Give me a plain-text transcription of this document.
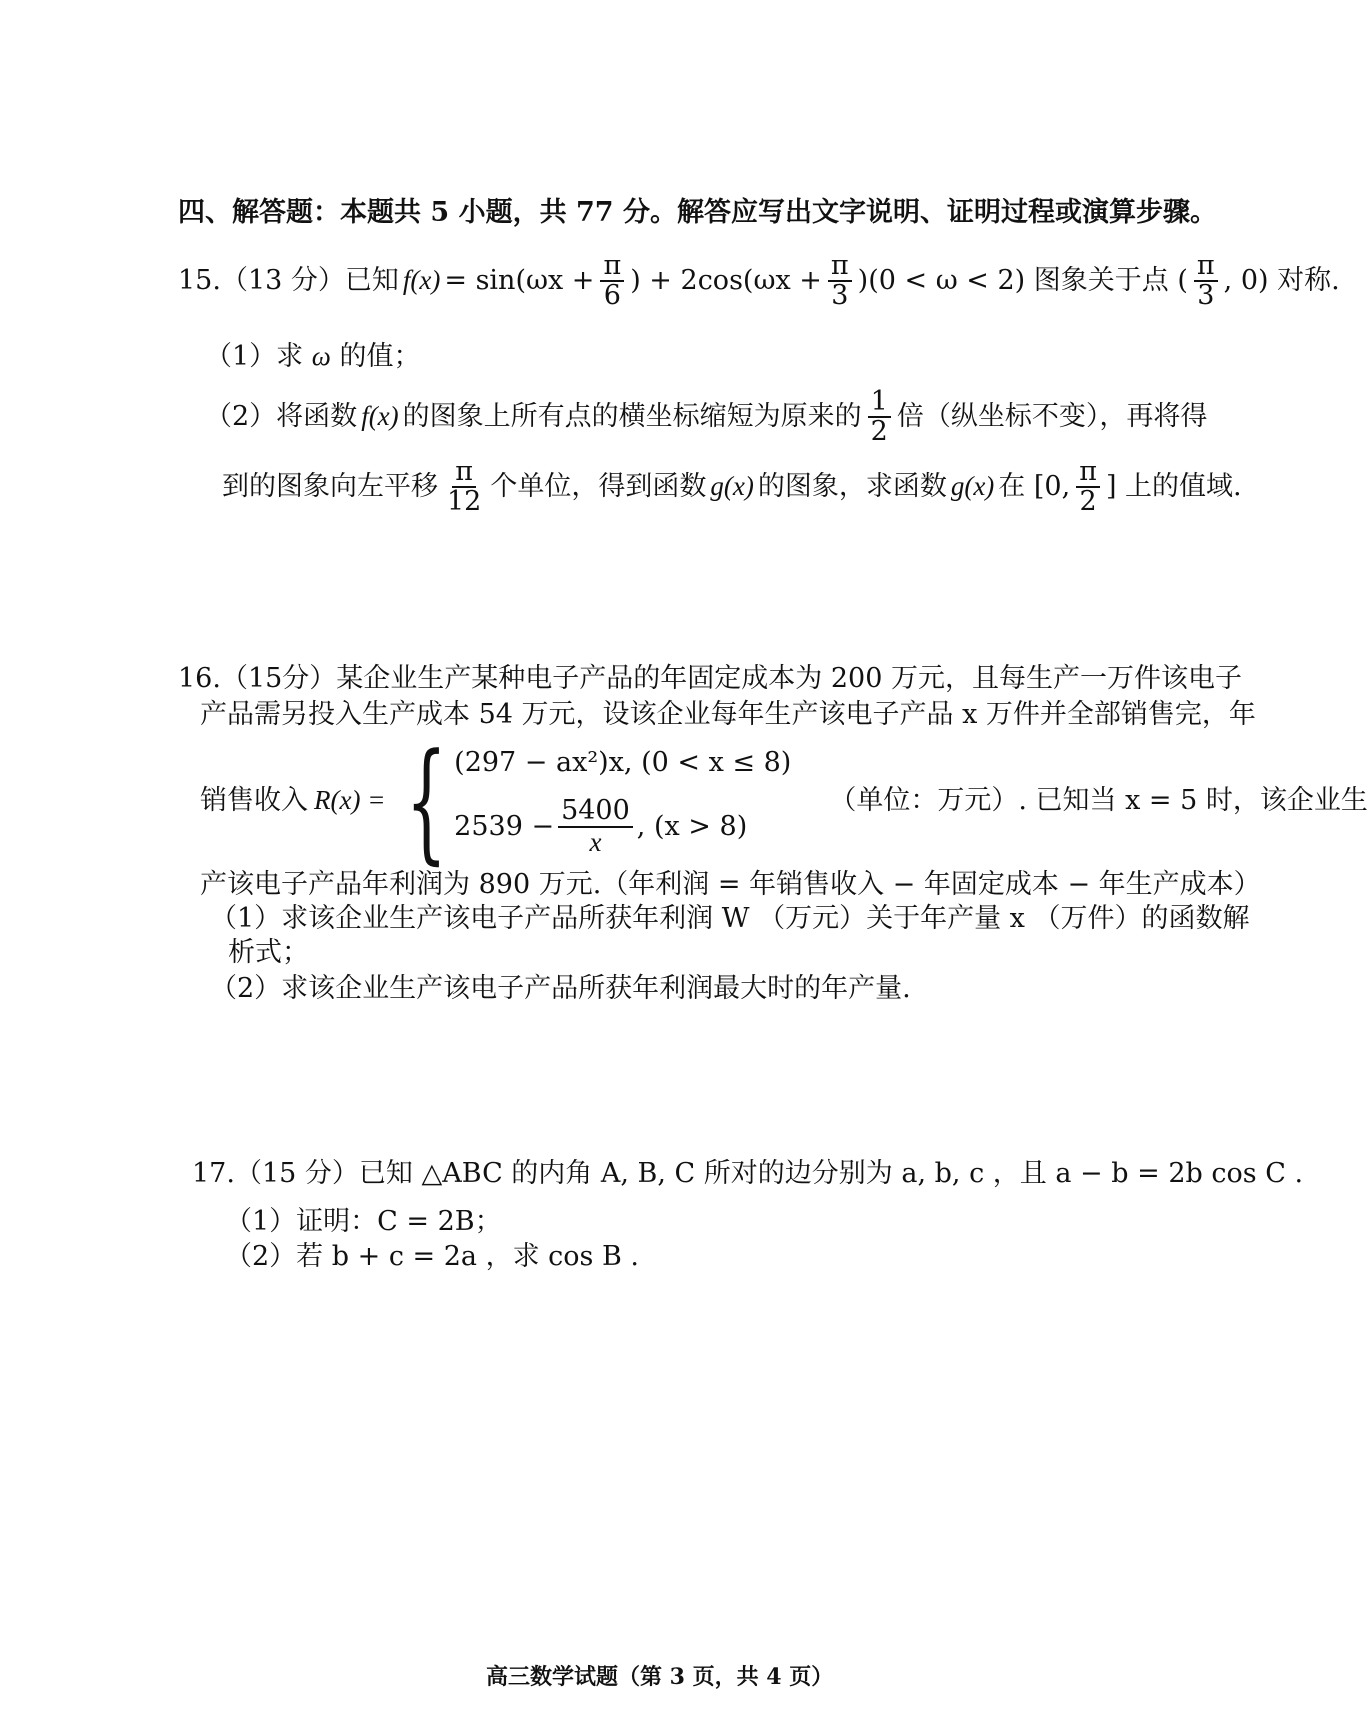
四、解答题：本题共 5 小题，共 77 分。解答应写出文字说明、证明过程或演算步骤。
15.（13 分）已知 $f(x) = \sin(\omega x + \frac{\pi}{6}$ ) + $2\cos(\omega x + \frac{\pi}{3} )(0 < \omega < 2)$ 图象关于点 ( $\frac{\pi}{3}$ , 0) 对称.
（1）求 ω 的值；
（2）将函数 f(x) 的图象上所有点的横坐标缩短为原来的 $\frac{1}{2}$ 倍（纵坐标不变），再将得
到的图象向左平移 $\frac{\pi}{12}$ 个单位，得到函数 g(x) 的图象，求函数 g(x) 在 [0, $\frac{\pi}{2}$ ] 上的值域.
16.（15分）某企业生产某种电子产品的年固定成本为 200 万元，且每生产一万件该电子
产品需另投入生产成本 54 万元，设该企业每年生产该电子产品 x 万件并全部销售完，年
销售收入 R(x) = { (297 − ax²)x, (0 < x ≤ 8)
$2539 - \frac{5400}{x}$ , (x > 8)
（单位：万元）. 已知当 x = 5 时，该企业生
产该电子产品年利润为 890 万元.（年利润 = 年销售收入 − 年固定成本 − 年生产成本）
（1）求该企业生产该电子产品所获年利润 W （万元）关于年产量 x （万件）的函数解
析式；
（2）求该企业生产该电子产品所获年利润最大时的年产量.
17.（15 分）已知 △ABC 的内角 A, B, C 所对的边分别为 a, b, c ，且 a − b = 2b cos C .
（1）证明：C = 2B；
（2）若 b + c = 2a ，求 cos B .
高三数学试题（第 3 页，共 4 页）
